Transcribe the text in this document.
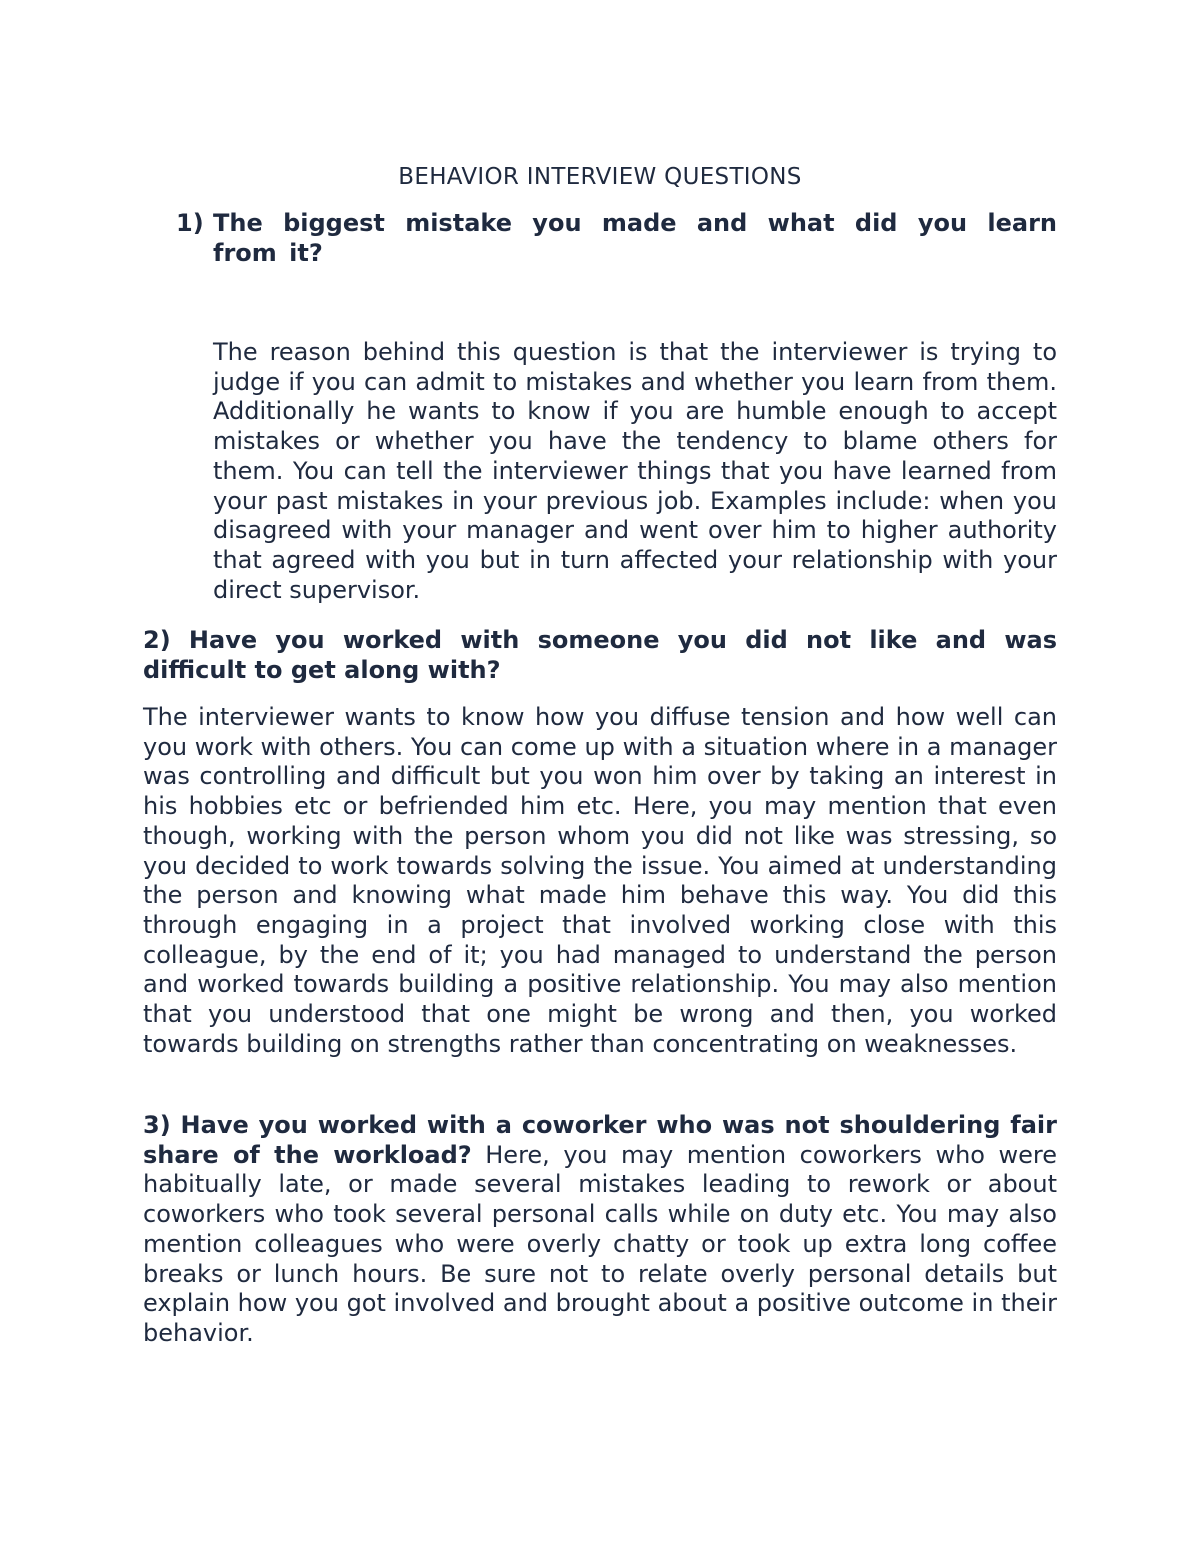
BEHAVIOR INTERVIEW QUESTIONS
1) The biggest mistake you made and what did you learn from it?

The reason behind this question is that the interviewer is trying to judge if you can admit to mistakes and whether you learn from them. Additionally he wants to know if you are humble enough to accept mistakes or whether you have the tendency to blame others for them. You can tell the interviewer things that you have learned from your past mistakes in your previous job. Examples include: when you disagreed with your manager and went over him to higher authority that agreed with you but in turn affected your relationship with your direct supervisor.

2) Have you worked with someone you did not like and was difficult to get along with?

The interviewer wants to know how you diffuse tension and how well can you work with others. You can come up with a situation where in a manager was controlling and difficult but you won him over by taking an interest in his hobbies etc or befriended him etc. Here, you may mention that even though, working with the person whom you did not like was stressing, so you decided to work towards solving the issue. You aimed at understanding the person and knowing what made him behave this way. You did this through engaging in a project that involved working close with this colleague, by the end of it; you had managed to understand the person and worked towards building a positive relationship. You may also mention that you understood that one might be wrong and then, you worked towards building on strengths rather than concentrating on weaknesses.

3) Have you worked with a coworker who was not shouldering fair share of the workload? Here, you may mention coworkers who were habitually late, or made several mistakes leading to rework or about coworkers who took several personal calls while on duty etc. You may also mention colleagues who were overly chatty or took up extra long coffee breaks or lunch hours. Be sure not to relate overly personal details but explain how you got involved and brought about a positive outcome in their behavior.
